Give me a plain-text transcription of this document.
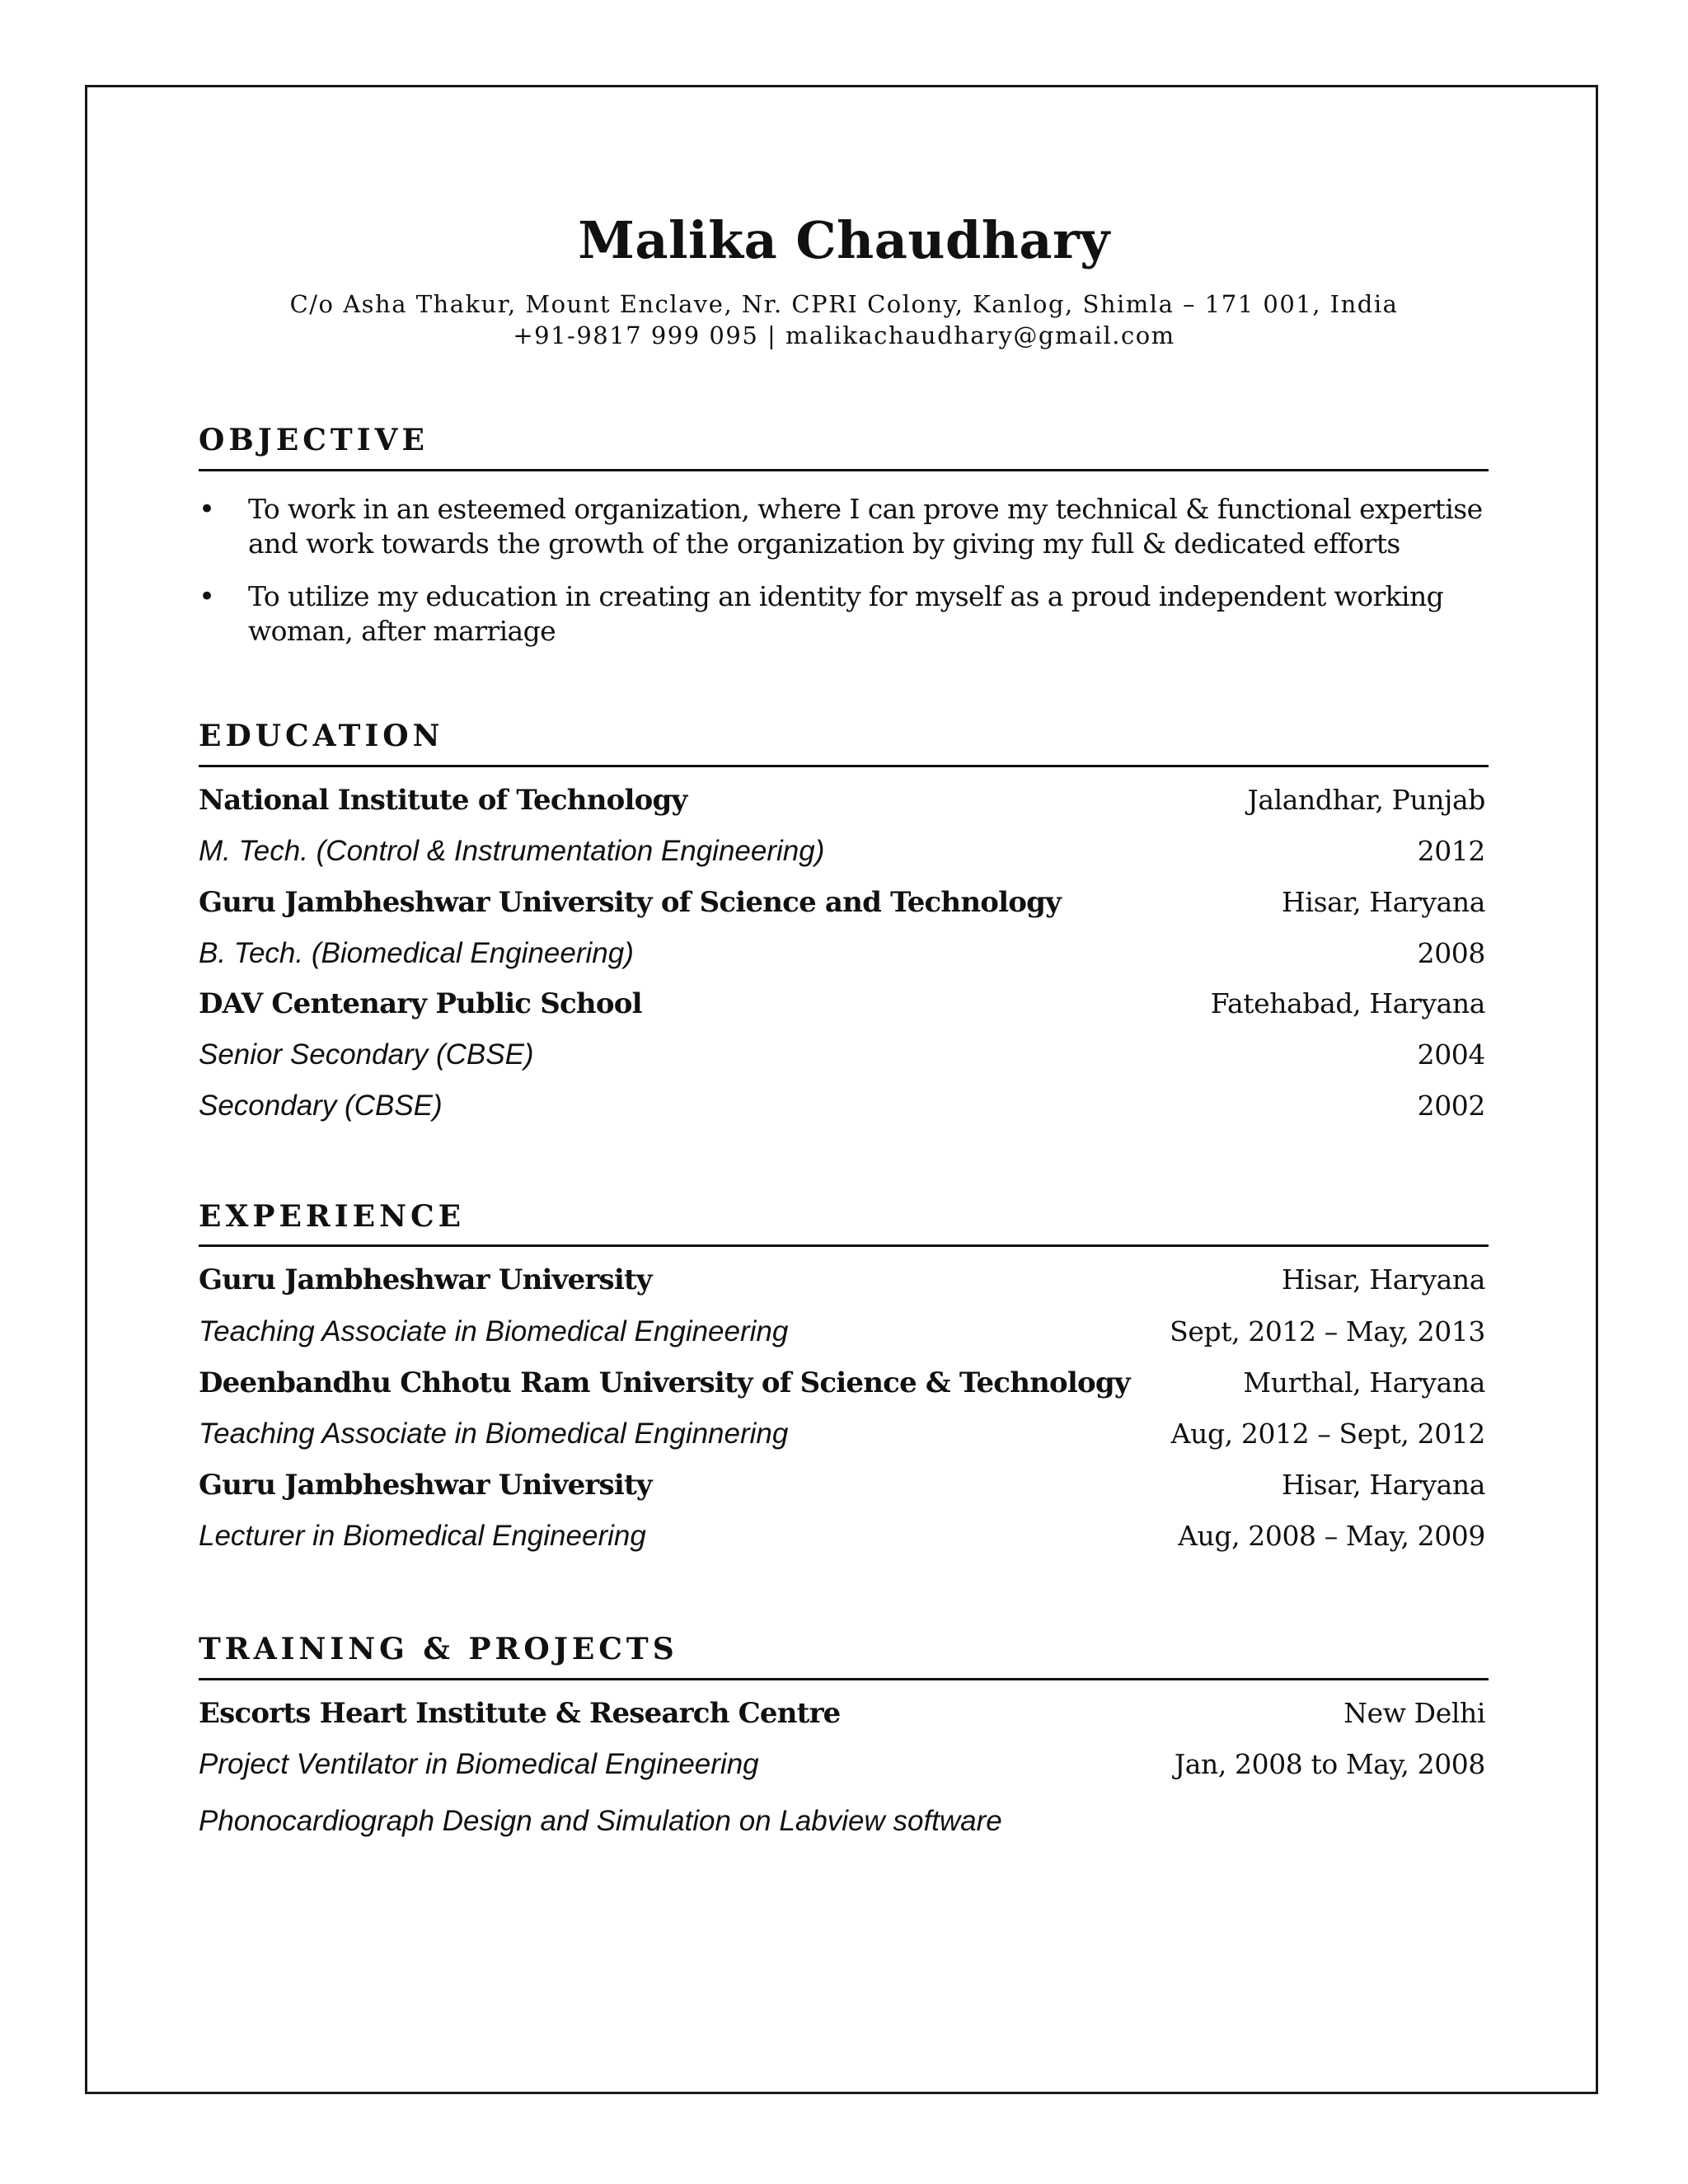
Malika Chaudhary
C/o Asha Thakur, Mount Enclave, Nr. CPRI Colony, Kanlog, Shimla – 171 001, India
+91-9817 999 095 | malikachaudhary@gmail.com
OBJECTIVE
•	To work in an esteemed organization, where I can prove my technical & functional expertise and work towards the growth of the organization by giving my full & dedicated efforts
•	To utilize my education in creating an identity for myself as a proud independent working woman, after marriage
EDUCATION
National Institute of Technology	Jalandhar, Punjab
M. Tech. (Control & Instrumentation Engineering)	2012
Guru Jambheshwar University of Science and Technology	Hisar, Haryana
B. Tech. (Biomedical Engineering)	2008
DAV Centenary Public School	Fatehabad, Haryana
Senior Secondary (CBSE)	2004
Secondary (CBSE)	2002
EXPERIENCE
Guru Jambheshwar University	Hisar, Haryana
Teaching Associate in Biomedical Engineering	Sept, 2012 – May, 2013
Deenbandhu Chhotu Ram University of Science & Technology	Murthal, Haryana
Teaching Associate in Biomedical Enginnering	Aug, 2012 – Sept, 2012
Guru Jambheshwar University	Hisar, Haryana
Lecturer in Biomedical Engineering	Aug, 2008 – May, 2009
TRAINING & PROJECTS
Escorts Heart Institute & Research Centre	New Delhi
Project Ventilator in Biomedical Engineering	Jan, 2008 to May, 2008
Phonocardiograph Design and Simulation on Labview software
